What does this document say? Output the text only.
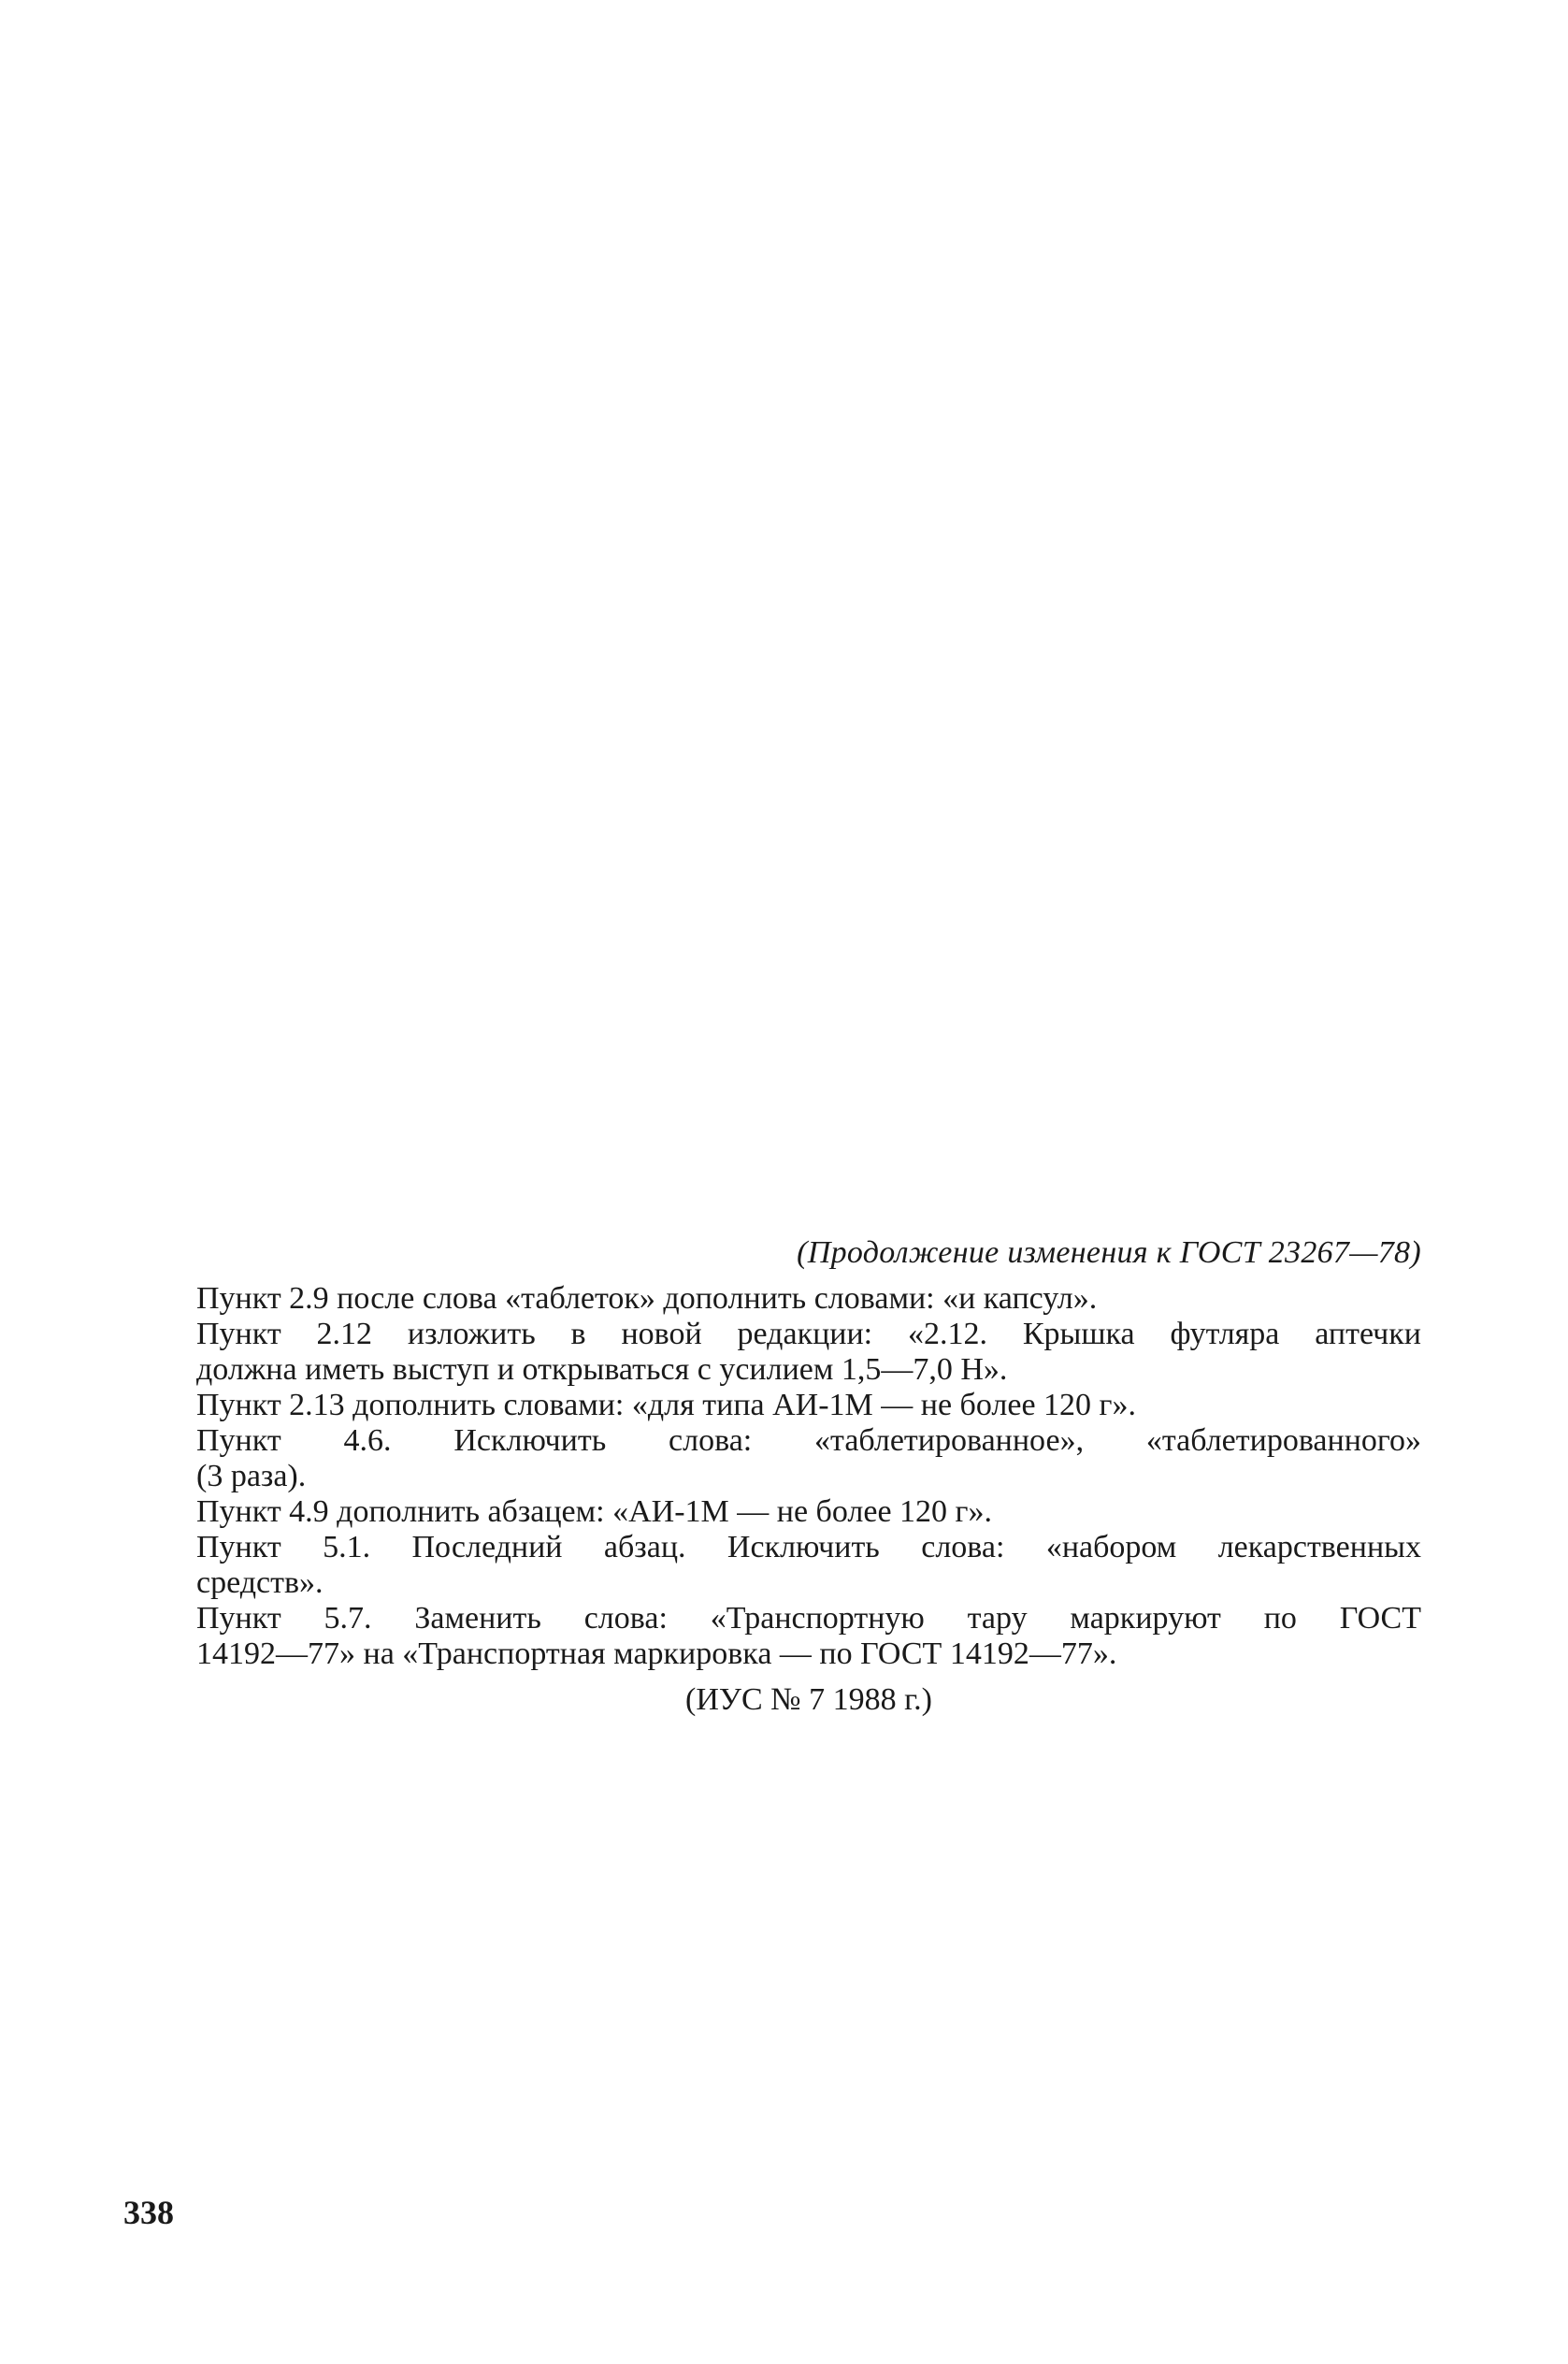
(Продолжение изменения к ГОСТ 23267—78)
Пункт 2.9 после слова «таблеток» дополнить словами: «и капсул».
Пункт 2.12 изложить в новой редакции: «2.12. Крышка футляра аптечки
должна иметь выступ и открываться с усилием 1,5—7,0 Н».
Пункт 2.13 дополнить словами: «для типа АИ-1М — не более 120 г».
Пункт 4.6. Исключить слова: «таблетированное», «таблетированного»
(3 раза).
Пункт 4.9 дополнить абзацем: «АИ-1М — не более 120 г».
Пункт 5.1. Последний абзац. Исключить слова: «набором лекарственных
средств».
Пункт 5.7. Заменить слова: «Транспортную тару маркируют по ГОСТ
14192—77» на «Транспортная маркировка — по ГОСТ 14192—77».
(ИУС № 7 1988 г.)
338
